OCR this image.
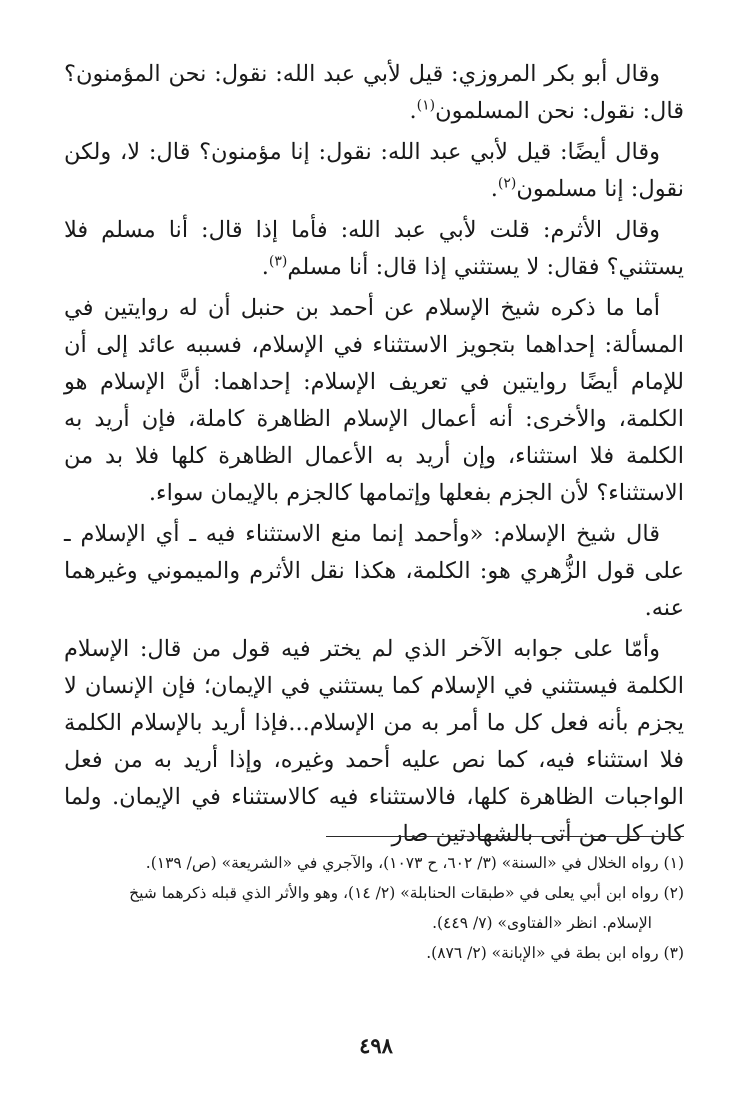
وقال أبو بكر المروزي: قيل لأبي عبد الله: نقول: نحن المؤمنون؟ قال: نقول: نحن المسلمون$^{(١)}$.

وقال أيضًا: قيل لأبي عبد الله: نقول: إنا مؤمنون؟ قال: لا، ولكن نقول: إنا مسلمون$^{(٢)}$.

وقال الأثرم: قلت لأبي عبد الله: فأما إذا قال: أنا مسلم فلا يستثني؟ فقال: لا يستثني إذا قال: أنا مسلم$^{(٣)}$.

أما ما ذكره شيخ الإسلام عن أحمد بن حنبل أن له روايتين في المسألة: إحداهما بتجويز الاستثناء في الإسلام، فسببه عائد إلى أن للإمام أيضًا روايتين في تعريف الإسلام: إحداهما: أنَّ الإسلام هو الكلمة، والأخرى: أنه أعمال الإسلام الظاهرة كاملة، فإن أريد به الكلمة فلا استثناء، وإن أريد به الأعمال الظاهرة كلها فلا بد من الاستثناء؟ لأن الجزم بفعلها وإتمامها كالجزم بالإيمان سواء.

قال شيخ الإسلام: «وأحمد إنما منع الاستثناء فيه ـ أي الإسلام ـ على قول الزُّهري هو: الكلمة، هكذا نقل الأثرم والميموني وغيرهما عنه.

وأمّا على جوابه الآخر الذي لم يختر فيه قول من قال: الإسلام الكلمة فيستثني في الإسلام كما يستثني في الإيمان؛ فإن الإنسان لا يجزم بأنه فعل كل ما أمر به من الإسلام...فإذا أريد بالإسلام الكلمة فلا استثناء فيه، كما نص عليه أحمد وغيره، وإذا أريد به من فعل الواجبات الظاهرة كلها، فالاستثناء فيه كالاستثناء في الإيمان. ولما كان كل من أتى بالشهادتين صار

(١) رواه الخلال في «السنة» (٣/ ٦٠٢، ح ١٠٧٣)، والآجري في «الشريعة» (ص/ ١٣٩).

(٢) رواه ابن أبي يعلى في «طبقات الحنابلة» (٢/ ١٤)، وهو والأثر الذي قبله ذكرهما شيخ

الإسلام. انظر «الفتاوى» (٧/ ٤٤٩).

(٣) رواه ابن بطة في «الإبانة» (٢/ ٨٧٦).

٤٩٨
